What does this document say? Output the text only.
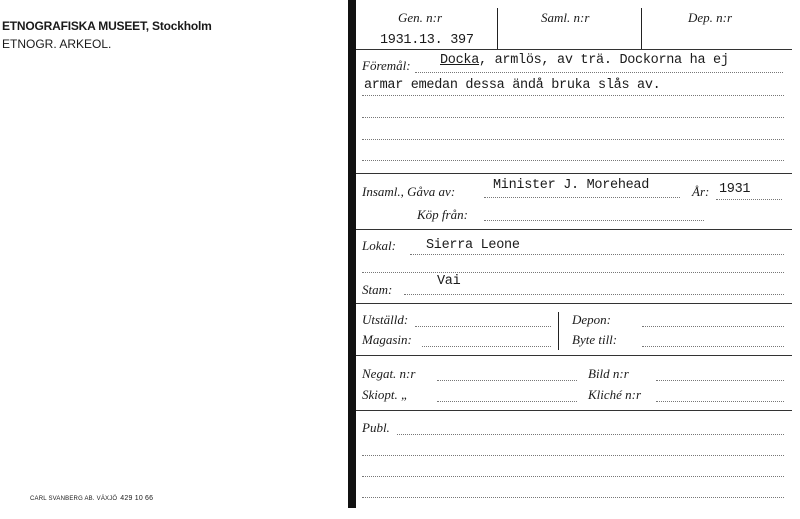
ETNOGRAFISKA MUSEET, Stockholm
ETNOGR. ARKEOL.
CARL SVANBERG AB. VÄXJÖ 429 10 66
Gen. n:r	Saml. n:r	Dep. n:r
1931.13. 397
Föremål: Docka, armlös, av trä. Dockorna ha ej
armar emedan dessa ändå bruka slås av.
Insaml., Gåva av:	Minister J. Morehead	År: 1931
Köp från:
Lokal: Sierra Leone
Stam:
Vai
Utställd:
Magasin:
Depon:
Byte till:
Negat. n:r	Bild n:r
Skiopt. „	Kliché n:r
Publ.
